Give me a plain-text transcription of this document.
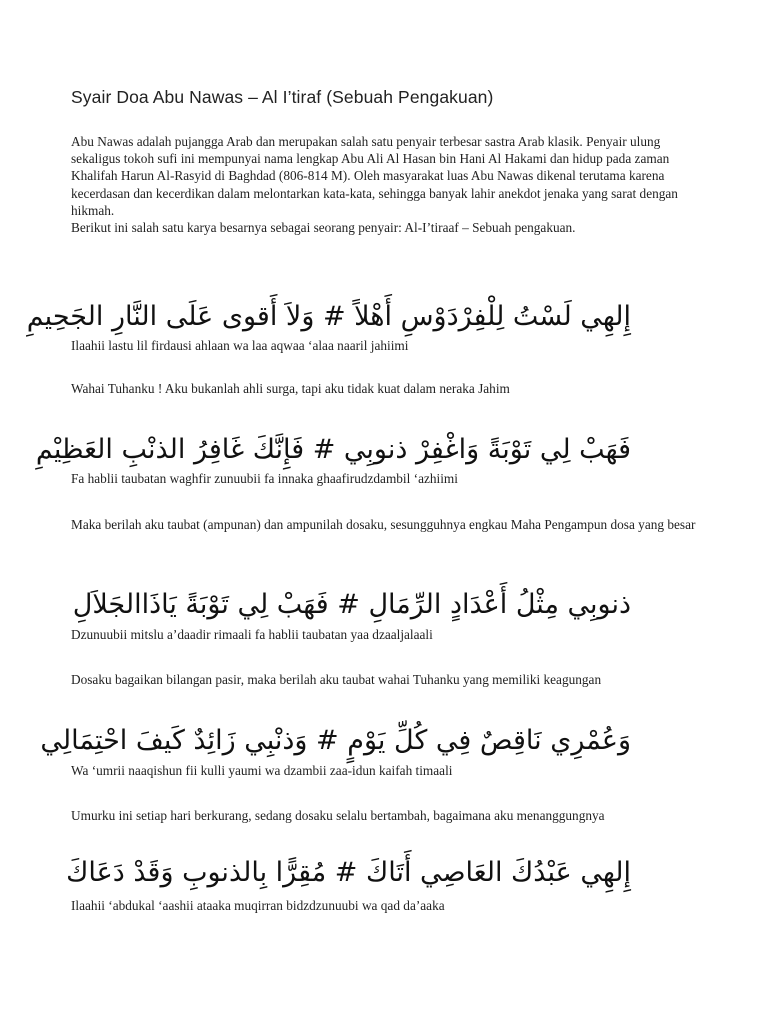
Syair Doa Abu Nawas – Al I’tiraf (Sebuah Pengakuan)

Abu Nawas adalah pujangga Arab dan merupakan salah satu penyair terbesar sastra Arab klasik. Penyair ulung sekaligus tokoh sufi ini mempunyai nama lengkap Abu Ali Al Hasan bin Hani Al Hakami dan hidup pada zaman Khalifah Harun Al-Rasyid di Baghdad (806-814 M). Oleh masyarakat luas Abu Nawas dikenal terutama karena kecerdasan dan kecerdikan dalam melontarkan kata-kata, sehingga banyak lahir anekdot jenaka yang sarat dengan hikmah.

Berikut ini salah satu karya besarnya sebagai seorang penyair: Al-I’tiraaf – Sebuah pengakuan.

إِلهِي لَسْتُ لِلْفِرْدَوْسِ أَهْلاً # وَلاَ أَقوى عَلَى النَّارِ الجَحِيمِ
Ilaahii lastu lil firdausi ahlaan wa laa aqwaa ‘alaa naaril jahiimi
Wahai Tuhanku ! Aku bukanlah ahli surga, tapi aku tidak kuat dalam neraka Jahim
فَهَبْ لِي تَوْبَةً وَاغْفِرْ ذنوبِي # فَإِنَّكَ غَافِرُ الذنْبِ العَظِيْمِ
Fa hablii taubatan waghfir zunuubii fa innaka ghaafirudzdambil ‘azhiimi
Maka berilah aku taubat (ampunan) dan ampunilah dosaku, sesungguhnya engkau Maha Pengampun dosa yang besar
ذنوبِي مِثْلُ أَعْدَادٍ الرِّمَالِ # فَهَبْ لِي تَوْبَةً يَاذَاالجَلاَلِ
Dzunuubii mitslu a’daadir rimaali fa hablii taubatan yaa dzaaljalaali
Dosaku bagaikan bilangan pasir, maka berilah aku taubat wahai Tuhanku yang memiliki keagungan
وَعُمْرِي نَاقِصٌ فِي كُلِّ يَوْمٍ # وَذنْبِي زَائِدٌ كَيفَ احْتِمَالِي
Wa ‘umrii naaqishun fii kulli yaumi wa dzambii zaa-idun kaifah timaali
Umurku ini setiap hari berkurang, sedang dosaku selalu bertambah, bagaimana aku menanggungnya
إِلهِي عَبْدُكَ العَاصِي أَتَاكَ # مُقِرًّا بِالذنوبِ وَقَدْ دَعَاكَ
Ilaahii ‘abdukal ‘aashii ataaka muqirran bidzdzunuubi wa qad da’aaka
